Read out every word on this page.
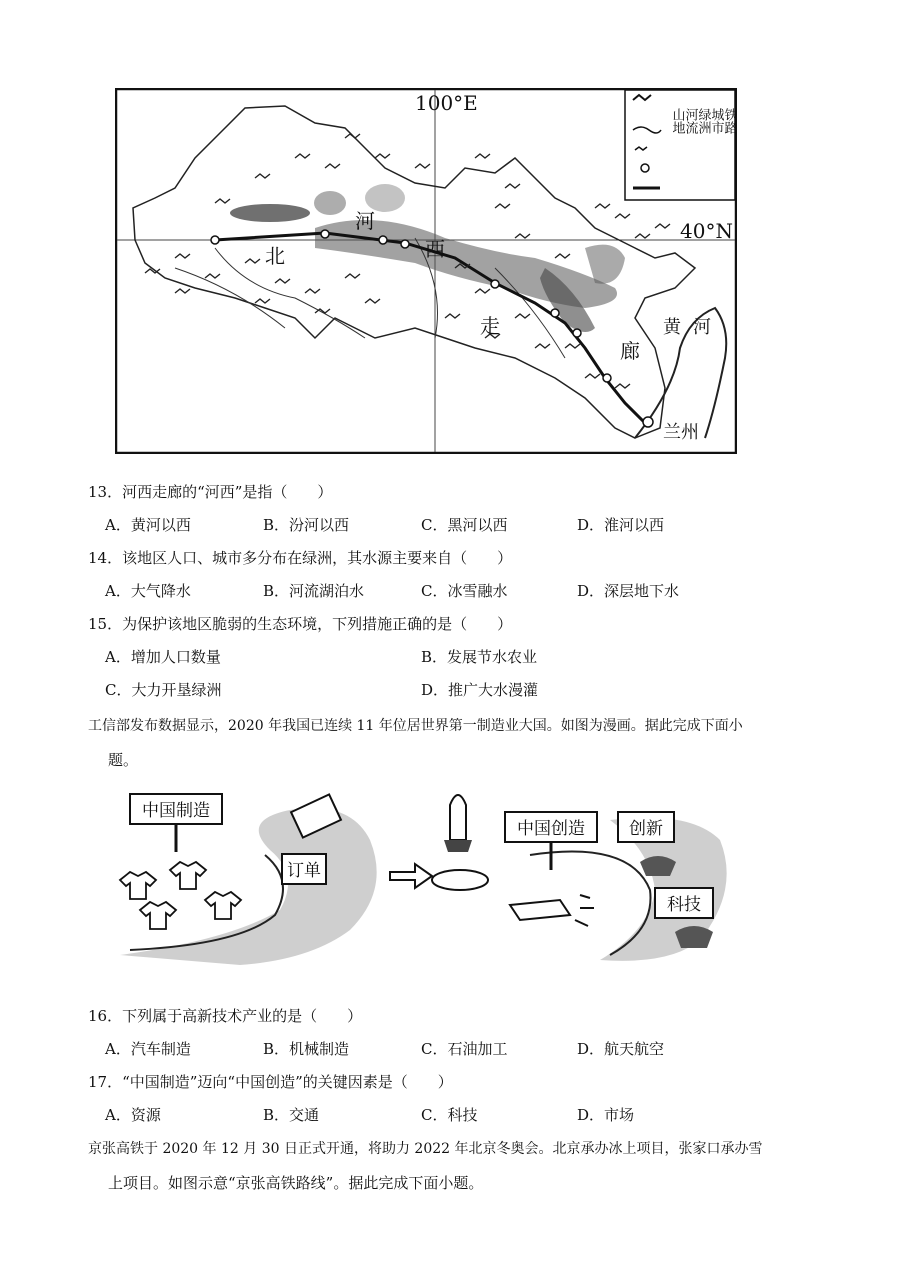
100°E
40°N
河
西
北
走
廊
黄 河
兰州
山地
河流
绿洲
城市
铁路
13．河西走廊的“河西”是指（　　）
A．黄河以西	B．汾河以西	C．黑河以西	D．淮河以西
14．该地区人口、城市多分布在绿洲，其水源主要来自（　　）
A．大气降水	B．河流湖泊水	C．冰雪融水	D．深层地下水
15．为保护该地区脆弱的生态环境，下列措施正确的是（　　）
A．增加人口数量	B．发展节水农业
C．大力开垦绿洲	D．推广大水漫灌
工信部发布数据显示，2020 年我国已连续 11 年位居世界第一制造业大国。如图为漫画。据此完成下面小
题。
中国制造
订单
中国创造	创新
科技
16．下列属于高新技术产业的是（　　）
A．汽车制造	B．机械制造	C．石油加工	D．航天航空
17．“中国制造”迈向“中国创造”的关键因素是（　　）
A．资源	B．交通	C．科技	D．市场
京张高铁于 2020 年 12 月 30 日正式开通，将助力 2022 年北京冬奥会。北京承办冰上项目，张家口承办雪
上项目。如图示意“京张高铁路线”。据此完成下面小题。
